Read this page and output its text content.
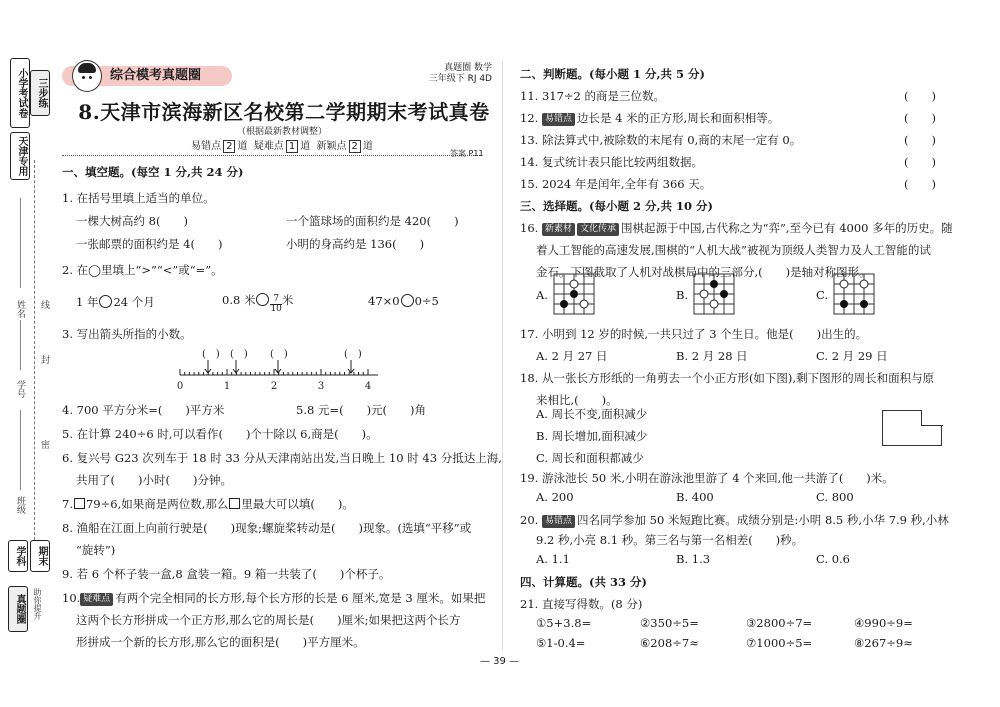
小学考试卷 三步练
天津专用
姓名 线
学号
封
密
班级
学科	期末
真题圈	助你提升
综合模考真题圈	真题圈 数学
三年级下 RJ 4D
8.天津市滨海新区名校第二学期期末考试真卷
（根据最新教材调整）
易错点 2 道 疑难点 1 道 新颖点 2 道
答案 P11
一、填空题。(每空 1 分,共 24 分)
1. 在括号里填上适当的单位。
一棵大树高约 8(　　)	一个篮球场的面积约是 420(　　)
一张邮票的面积约是 4(　　)	小明的身高约是 136(　　)
2. 在◯里填上“>”“<”或“=”。
1 年 24 个月	0.8 米 $\frac{7}{10}$ 米	47×0 0÷5
3. 写出箭头所指的小数。
(　) (　) (　)	(　)
0	1	2	3	4
4. 700 平方分米=(　　)平方米	5.8 元=(　　)元(　　)角
5. 在计算 240÷6 时,可以看作(　　)个十除以 6,商是(　　)。
6. 复兴号 G23 次列车于 18 时 33 分从天津南站出发,当日晚上 10 时 43 分抵达上海,
共用了(　　)小时(　　)分钟。
7. 79÷6,如果商是两位数,那么 里最大可以填(　　)。
8. 渔船在江面上向前行驶是(　　)现象;螺旋桨转动是(　　)现象。(选填“平移”或
“旋转”)
9. 若 6 个杯子装一盒,8 盒装一箱。9 箱一共装了(　　)个杯子。
10. 疑难点 有两个完全相同的长方形,每个长方形的长是 6 厘米,宽是 3 厘米。如果把
这两个长方形拼成一个正方形,那么它的周长是(　　)厘米;如果把这两个长方
形拼成一个新的长方形,那么它的面积是(　　)平方厘米。
二、判断题。(每小题 1 分,共 5 分)
11. 317÷2 的商是三位数。	(　　)
12. 易错点 边长是 4 米的正方形,周长和面积相等。	(　　)
13. 除法算式中,被除数的末尾有 0,商的末尾一定有 0。	(　　)
14. 复式统计表只能比较两组数据。	(　　)
15. 2024 年是闰年,全年有 366 天。	(　　)
三、选择题。(每小题 2 分,共 10 分)
16. 新素材 文化传承 围棋起源于中国,古代称之为“弈”,至今已有 4000 多年的历史。随
着人工智能的高速发展,围棋的“人机大战”被视为顶级人类智力及人工智能的试
金石。下图截取了人机对战棋局中的三部分,(　　)是轴对称图形。
A.	B.	C.
17. 小明到 12 岁的时候,一共只过了 3 个生日。他是(　　)出生的。
A. 2 月 27 日	B. 2 月 28 日	C. 2 月 29 日
18. 从一张长方形纸的一角剪去一个小正方形(如下图),剩下图形的周长和面积与原
来相比,(　　)。
A. 周长不变,面积减少
B. 周长增加,面积减少
C. 周长和面积都减少
19. 游泳池长 50 米,小明在游泳池里游了 4 个来回,他一共游了(　　)米。
A. 200	B. 400	C. 800
20. 易错点 四名同学参加 50 米短跑比赛。成绩分别是:小明 8.5 秒,小华 7.9 秒,小林
9.2 秒,小亮 8.1 秒。第三名与第一名相差(　　)秒。
A. 1.1	B. 1.3	C. 0.6
四、计算题。(共 33 分)
21. 直接写得数。(8 分)
①5+3.8=	②350÷5=	③2800÷7=	④990÷9=
⑤1-0.4=	⑥208÷7≈	⑦1000÷5=	⑧267÷9≈
— 39 —
